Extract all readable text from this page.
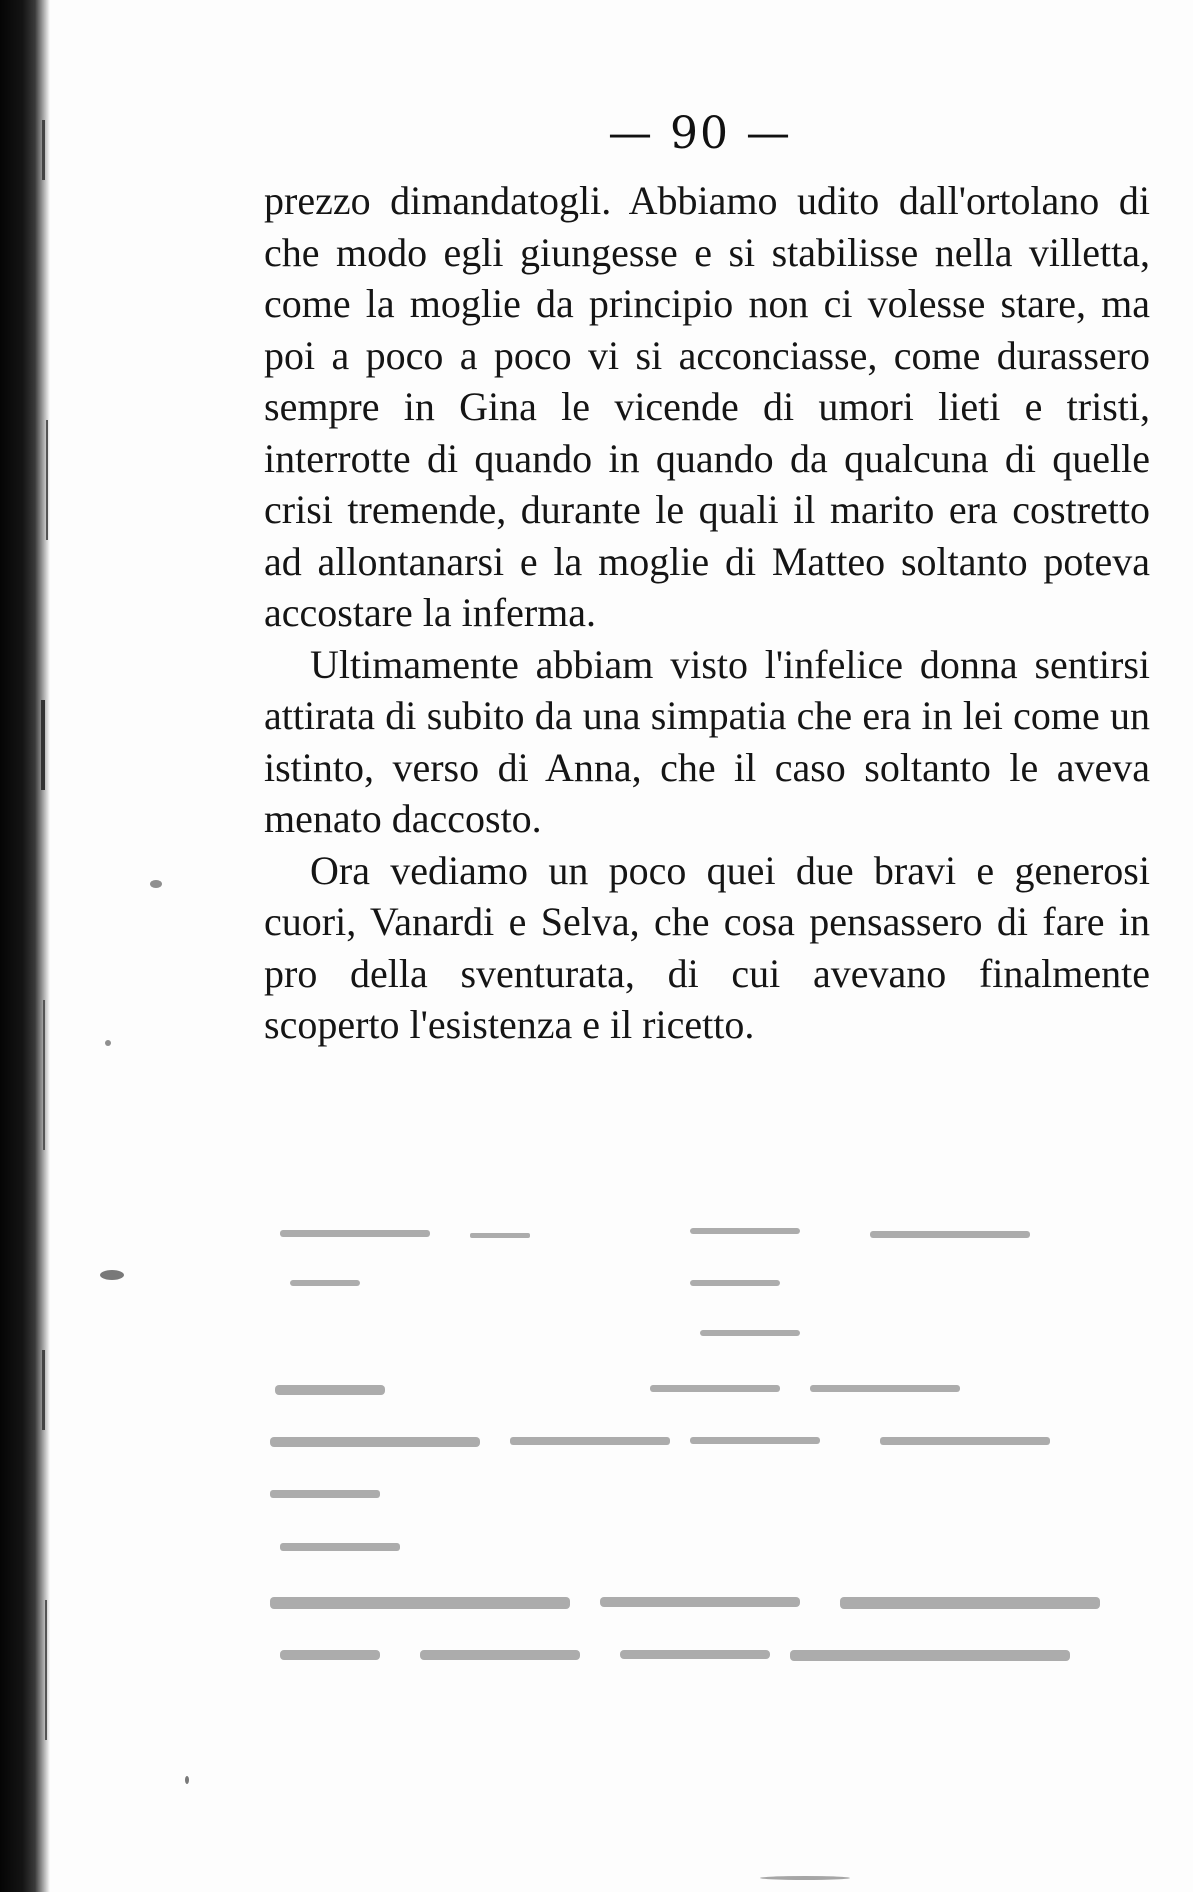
— 90 —

prezzo dimandatogli. Abbiamo udito dall'ortolano di che modo egli giungesse e si stabilisse nella villetta, come la moglie da principio non ci volesse stare, ma poi a poco a poco vi si acconciasse, come durassero sempre in Gina le vicende di umori lieti e tristi, interrotte di quando in quando da qualcuna di quelle crisi tremende, durante le quali il marito era costretto ad allontanarsi e la moglie di Matteo soltanto poteva accostare la inferma.

Ultimamente abbiam visto l'infelice donna sentirsi attirata di subito da una simpatia che era in lei come un istinto, verso di Anna, che il caso soltanto le aveva menato daccosto.

Ora vediamo un poco quei due bravi e generosi cuori, Vanardi e Selva, che cosa pensassero di fare in pro della sventurata, di cui avevano finalmente scoperto l'esistenza e il ricetto.
